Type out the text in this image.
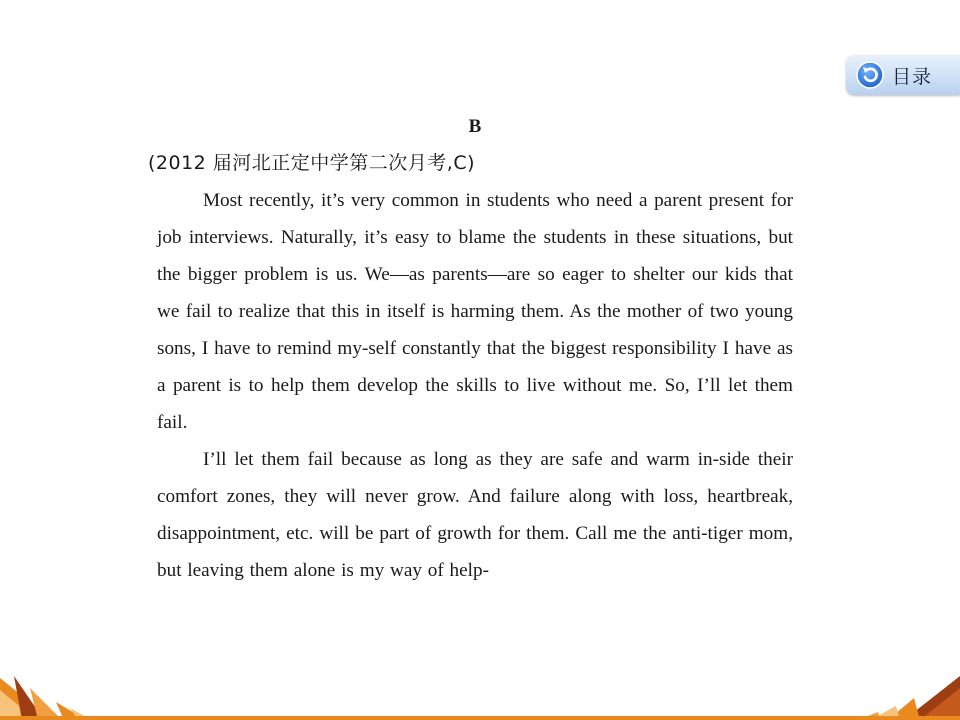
目录
B
(2012 届河北正定中学第二次月考,C)

Most recently, it’s very common in students who need a parent present for job interviews. Naturally, it’s easy to blame the students in these situations, but the bigger problem is us. We—as parents—are so eager to shelter our kids that we fail to realize that this in itself is harming them. As the mother of two young sons, I have to remind my-self constantly that the biggest responsibility I have as a parent is to help them develop the skills to live without me. So, I’ll let them fail.

I’ll let them fail because as long as they are safe and warm in-side their comfort zones, they will never grow. And failure along with loss, heartbreak, disappointment, etc. will be part of growth for them. Call me the anti-tiger mom, but leaving them alone is my way of help-
